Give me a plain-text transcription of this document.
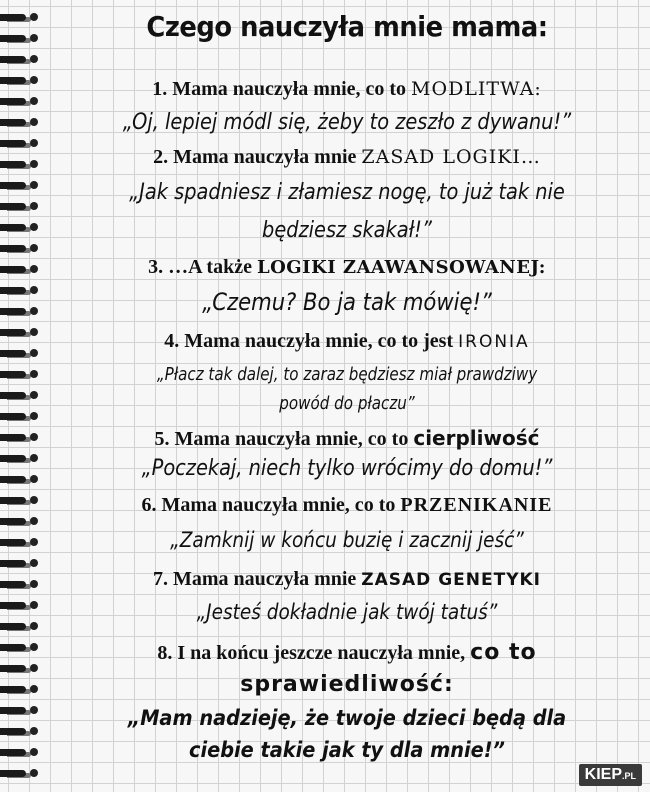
Czego nauczyła mnie mama:
1. Mama nauczyła mnie, co to MODLITWA:
„Oj, lepiej módl się, żeby to zeszło z dywanu!”
2. Mama nauczyła mnie ZASAD LOGIKI…
„Jak spadniesz i złamiesz nogę, to już tak nie
będziesz skakał!”
3. …A także LOGIKI ZAAWANSOWANEJ:
„Czemu? Bo ja tak mówię!”
4. Mama nauczyła mnie, co to jest IRONIA
„Płacz tak dalej, to zaraz będziesz miał prawdziwy
powód do płaczu”
5. Mama nauczyła mnie, co to cierpliwość
„Poczekaj, niech tylko wrócimy do domu!”
6. Mama nauczyła mnie, co to PRZENIKANIE
„Zamknij w końcu buzię i zacznij jeść”
7. Mama nauczyła mnie ZASAD GENETYKI
„Jesteś dokładnie jak twój tatuś”
8. I na końcu jeszcze nauczyła mnie, co to
sprawiedliwość:
„Mam nadzieję, że twoje dzieci będą dla
ciebie takie jak ty dla mnie!”
KIEP.PL
